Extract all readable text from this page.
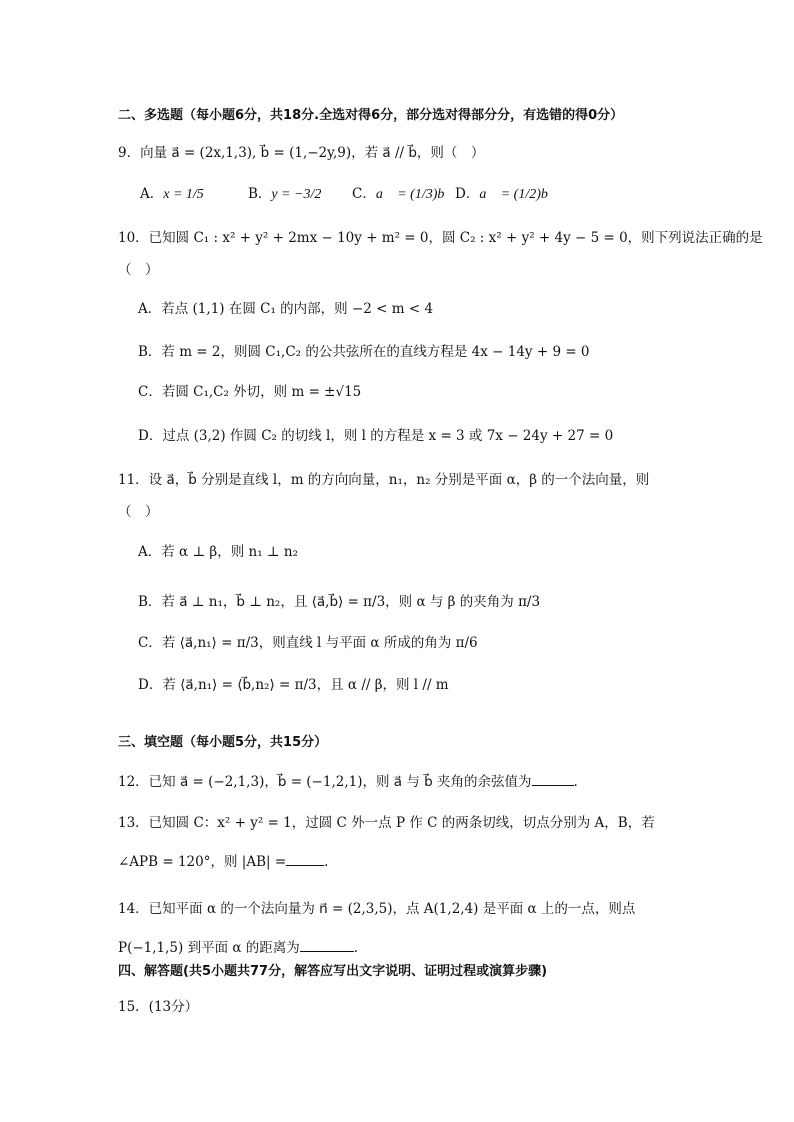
二、多选题（每小题6分，共18分.全选对得6分，部分选对得部分分，有选错的得0分）
9．向量 a⃗ = (2x,1,3), b⃗ = (1,−2y,9)，若 a⃗ // b⃗，则（　）
A．x = 1/5	B．y = −3/2 C．a⃗ = (1/3)b⃗ D．a⃗ = (1/2)b⃗
10．已知圆 C₁ : x² + y² + 2mx − 10y + m² = 0，圆 C₂ : x² + y² + 4y − 5 = 0，则下列说法正确的是
（　）
A．若点 (1,1) 在圆 C₁ 的内部，则 −2 < m < 4
B．若 m = 2，则圆 C₁,C₂ 的公共弦所在的直线方程是 4x − 14y + 9 = 0
C．若圆 C₁,C₂ 外切，则 m = ±√15
D．过点 (3,2) 作圆 C₂ 的切线 l，则 l 的方程是 x = 3 或 7x − 24y + 27 = 0
11．设 a⃗，b⃗ 分别是直线 l，m 的方向向量，n₁，n₂ 分别是平面 α，β 的一个法向量，则
（　）
A．若 α ⊥ β，则 n₁ ⊥ n₂
B．若 a⃗ ⊥ n₁，b⃗ ⊥ n₂，且 ⟨a⃗,b⃗⟩ = π/3，则 α 与 β 的夹角为 π/3
C．若 ⟨a⃗,n₁⟩ = π/3，则直线 l 与平面 α 所成的角为 π/6
D．若 ⟨a⃗,n₁⟩ = ⟨b⃗,n₂⟩ = π/3，且 α // β，则 l // m
三、填空题（每小题5分，共15分）
12．已知 a⃗ = (−2,1,3)，b⃗ = (−1,2,1)，则 a⃗ 与 b⃗ 夹角的余弦值为	.
13．已知圆 C：x² + y² = 1，过圆 C 外一点 P 作 C 的两条切线，切点分别为 A，B，若
∠APB = 120°，则 |AB| =	.
14．已知平面 α 的一个法向量为 n⃗ = (2,3,5)，点 A(1,2,4) 是平面 α 上的一点，则点
P(−1,1,5) 到平面 α 的距离为	.
四、解答题(共5小题共77分，解答应写出文字说明、证明过程或演算步骤)
15．(13分）
